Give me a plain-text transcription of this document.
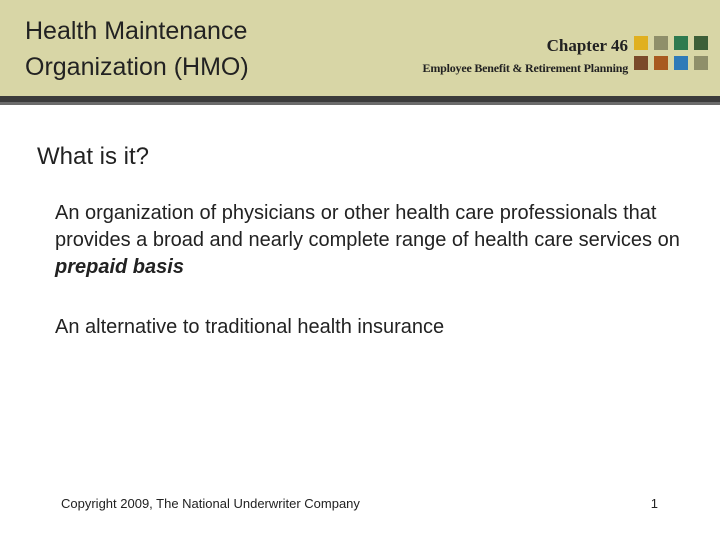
Health Maintenance
Organization (HMO)
Chapter 46
Employee Benefit & Retirement Planning
What is it?
An organization of physicians or other health care professionals that provides a broad and nearly complete range of health care services on prepaid basis
An alternative to traditional health insurance
Copyright 2009, The National Underwriter Company	1
